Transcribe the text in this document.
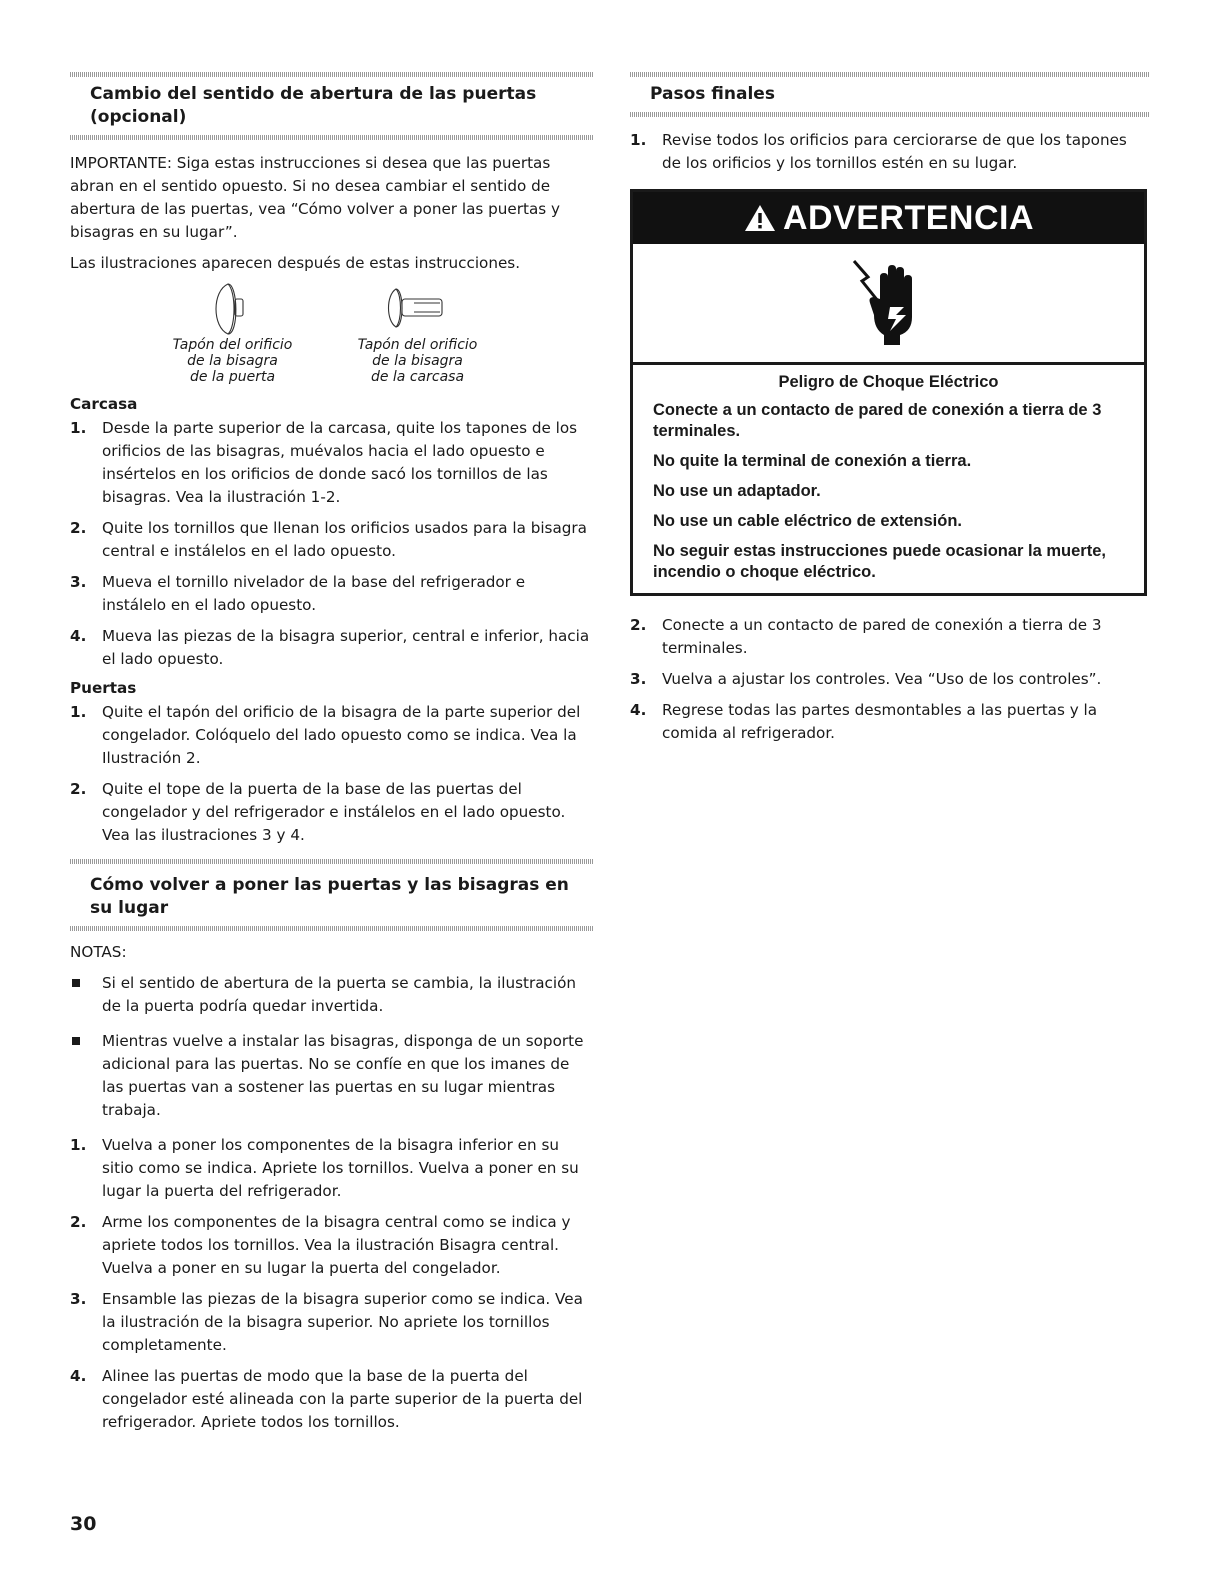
Cambio del sentido de abertura de las puertas (opcional)

IMPORTANTE: Siga estas instrucciones si desea que las puertas abran en el sentido opuesto. Si no desea cambiar el sentido de abertura de las puertas, vea “Cómo volver a poner las puertas y bisagras en su lugar”.

Las ilustraciones aparecen después de estas instrucciones.

Tapón del orificio
de la bisagra
de la puerta
Tapón del orificio
de la bisagra
de la carcasa
Carcasa
1. Desde la parte superior de la carcasa, quite los tapones de los orificios de las bisagras, muévalos hacia el lado opuesto e insértelos en los orificios de donde sacó los tornillos de las bisagras. Vea la ilustración 1-2.
2. Quite los tornillos que llenan los orificios usados para la bisagra central e instálelos en el lado opuesto.
3. Mueva el tornillo nivelador de la base del refrigerador e instálelo en el lado opuesto.
4. Mueva las piezas de la bisagra superior, central e inferior, hacia el lado opuesto.
Puertas
1. Quite el tapón del orificio de la bisagra de la parte superior del congelador. Colóquelo del lado opuesto como se indica. Vea la Ilustración 2.
2. Quite el tope de la puerta de la base de las puertas del congelador y del refrigerador e instálelos en el lado opuesto. Vea las ilustraciones 3 y 4.
Cómo volver a poner las puertas y las bisagras en su lugar

NOTAS:

Si el sentido de abertura de la puerta se cambia, la ilustración de la puerta podría quedar invertida.
Mientras vuelve a instalar las bisagras, disponga de un soporte adicional para las puertas. No se confíe en que los imanes de las puertas van a sostener las puertas en su lugar mientras trabaja.
1. Vuelva a poner los componentes de la bisagra inferior en su sitio como se indica. Apriete los tornillos. Vuelva a poner en su lugar la puerta del refrigerador.
2. Arme los componentes de la bisagra central como se indica y apriete todos los tornillos. Vea la ilustración Bisagra central. Vuelva a poner en su lugar la puerta del congelador.
3. Ensamble las piezas de la bisagra superior como se indica. Vea la ilustración de la bisagra superior. No apriete los tornillos completamente.
4. Alinee las puertas de modo que la base de la puerta del congelador esté alineada con la parte superior de la puerta del refrigerador. Apriete todos los tornillos.
Pasos finales
1. Revise todos los orificios para cerciorarse de que los tapones de los orificios y los tornillos estén en su lugar.
ADVERTENCIA
Peligro de Choque Eléctrico
Conecte a un contacto de pared de conexión a tierra de 3 terminales.
No quite la terminal de conexión a tierra.
No use un adaptador.
No use un cable eléctrico de extensión.
No seguir estas instrucciones puede ocasionar la muerte, incendio o choque eléctrico.
2. Conecte a un contacto de pared de conexión a tierra de 3 terminales.
3. Vuelva a ajustar los controles. Vea “Uso de los controles”.
4. Regrese todas las partes desmontables a las puertas y la comida al refrigerador.
30
